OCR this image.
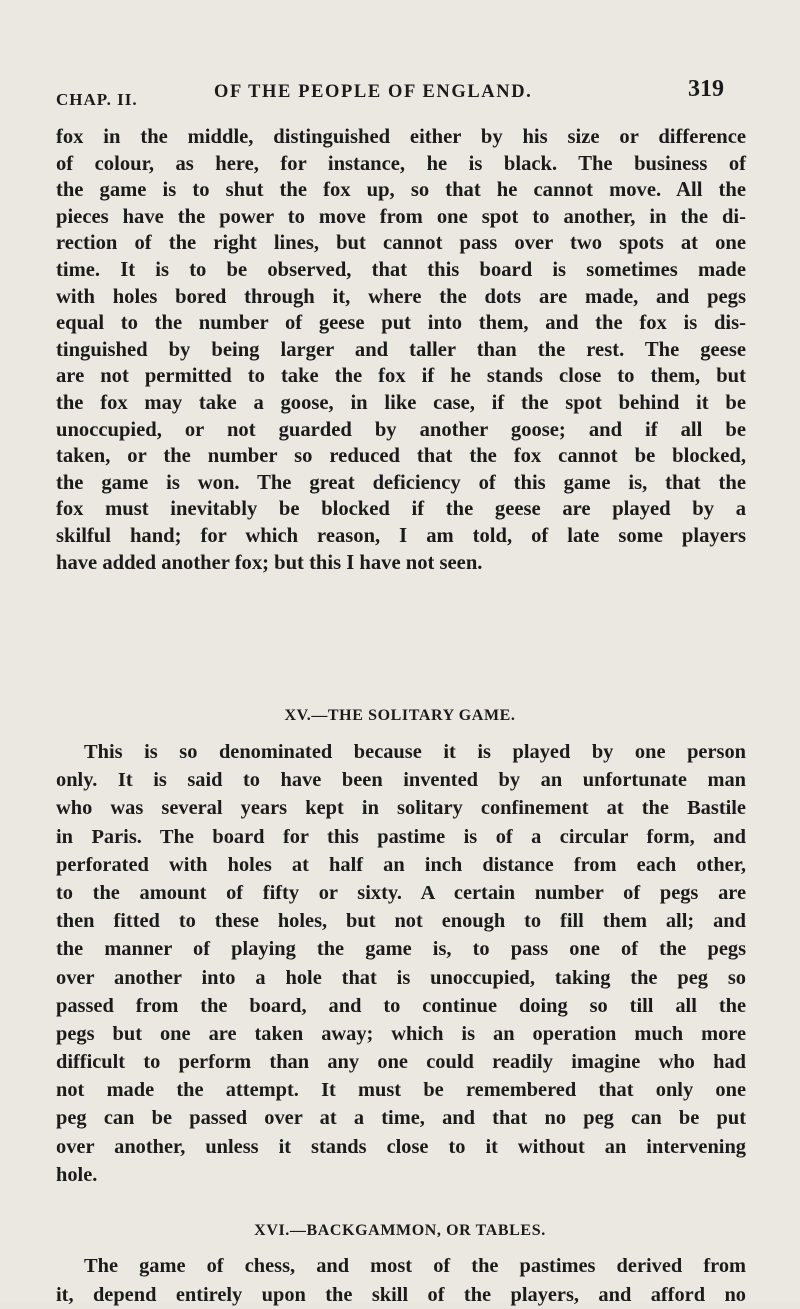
CHAP. II.	OF THE PEOPLE OF ENGLAND.	319
fox in the middle, distinguished either by his size or difference
of colour, as here, for instance, he is black. The business of
the game is to shut the fox up, so that he cannot move. All the
pieces have the power to move from one spot to another, in the di-
rection of the right lines, but cannot pass over two spots at one
time. It is to be observed, that this board is sometimes made
with holes bored through it, where the dots are made, and pegs
equal to the number of geese put into them, and the fox is dis-
tinguished by being larger and taller than the rest. The geese
are not permitted to take the fox if he stands close to them, but
the fox may take a goose, in like case, if the spot behind it be
unoccupied, or not guarded by another goose; and if all be
taken, or the number so reduced that the fox cannot be blocked,
the game is won. The great deficiency of this game is, that the
fox must inevitably be blocked if the geese are played by a
skilful hand; for which reason, I am told, of late some players
have added another fox; but this I have not seen.
XV.—THE SOLITARY GAME.
This is so denominated because it is played by one person
only. It is said to have been invented by an unfortunate man
who was several years kept in solitary confinement at the Bastile
in Paris. The board for this pastime is of a circular form, and
perforated with holes at half an inch distance from each other,
to the amount of fifty or sixty. A certain number of pegs are
then fitted to these holes, but not enough to fill them all; and
the manner of playing the game is, to pass one of the pegs
over another into a hole that is unoccupied, taking the peg so
passed from the board, and to continue doing so till all the
pegs but one are taken away; which is an operation much more
difficult to perform than any one could readily imagine who had
not made the attempt. It must be remembered that only one
peg can be passed over at a time, and that no peg can be put
over another, unless it stands close to it without an intervening
hole.
XVI.—BACKGAMMON, OR TABLES.
The game of chess, and most of the pastimes derived from
it, depend entirely upon the skill of the players, and afford no
